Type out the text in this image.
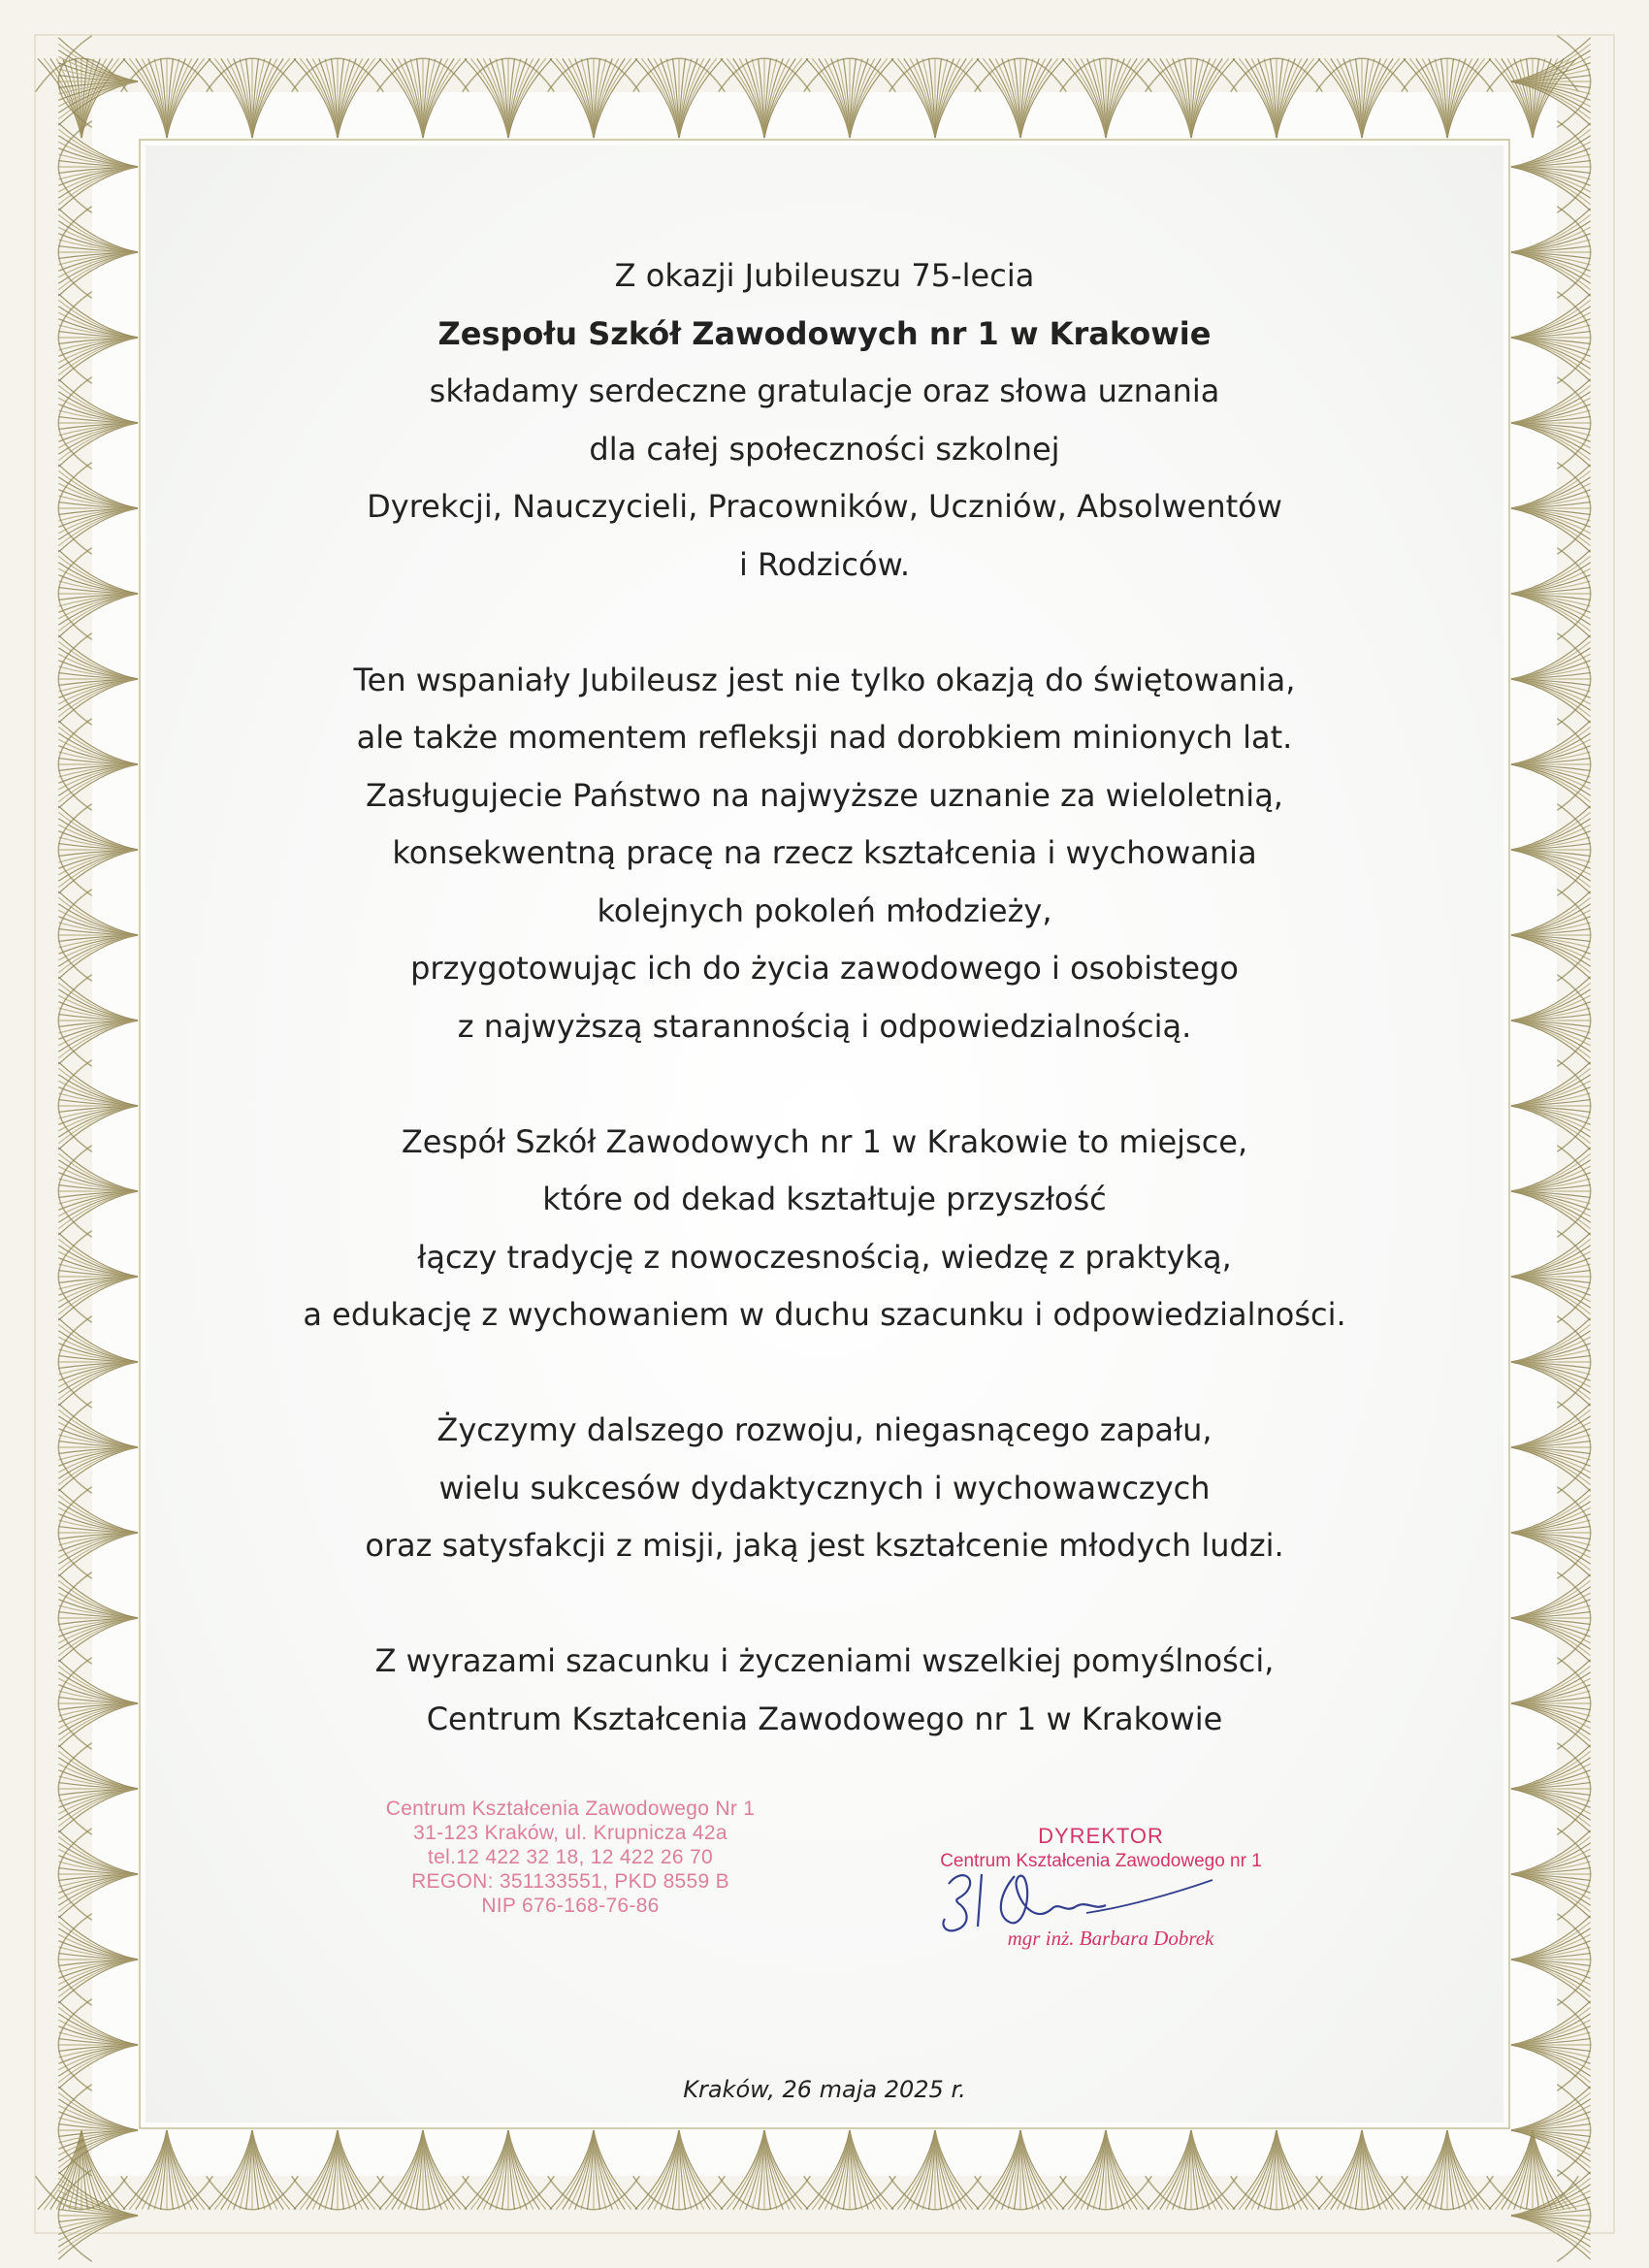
Z okazji Jubileuszu 75-lecia
Zespołu Szkół Zawodowych nr 1 w Krakowie
składamy serdeczne gratulacje oraz słowa uznania
dla całej społeczności szkolnej
Dyrekcji, Nauczycieli, Pracowników, Uczniów, Absolwentów
i Rodziców.
Ten wspaniały Jubileusz jest nie tylko okazją do świętowania,
ale także momentem refleksji nad dorobkiem minionych lat.
Zasługujecie Państwo na najwyższe uznanie za wieloletnią,
konsekwentną pracę na rzecz kształcenia i wychowania
kolejnych pokoleń młodzieży,
przygotowując ich do życia zawodowego i osobistego
z najwyższą starannością i odpowiedzialnością.
Zespół Szkół Zawodowych nr 1 w Krakowie to miejsce,
które od dekad kształtuje przyszłość
łączy tradycję z nowoczesnością, wiedzę z praktyką,
a edukację z wychowaniem w duchu szacunku i odpowiedzialności.
Życzymy dalszego rozwoju, niegasnącego zapału,
wielu sukcesów dydaktycznych i wychowawczych
oraz satysfakcji z misji, jaką jest kształcenie młodych ludzi.
Z wyrazami szacunku i życzeniami wszelkiej pomyślności,
Centrum Kształcenia Zawodowego nr 1 w Krakowie
Centrum Kształcenia Zawodowego Nr 1
31-123 Kraków, ul. Krupnicza 42a
tel.12 422 32 18, 12 422 26 70
REGON: 351133551, PKD 8559 B
NIP 676-168-76-86
DYREKTOR
Centrum Kształcenia Zawodowego nr 1
mgr inż. Barbara Dobrek
Kraków, 26 maja 2025 r.
